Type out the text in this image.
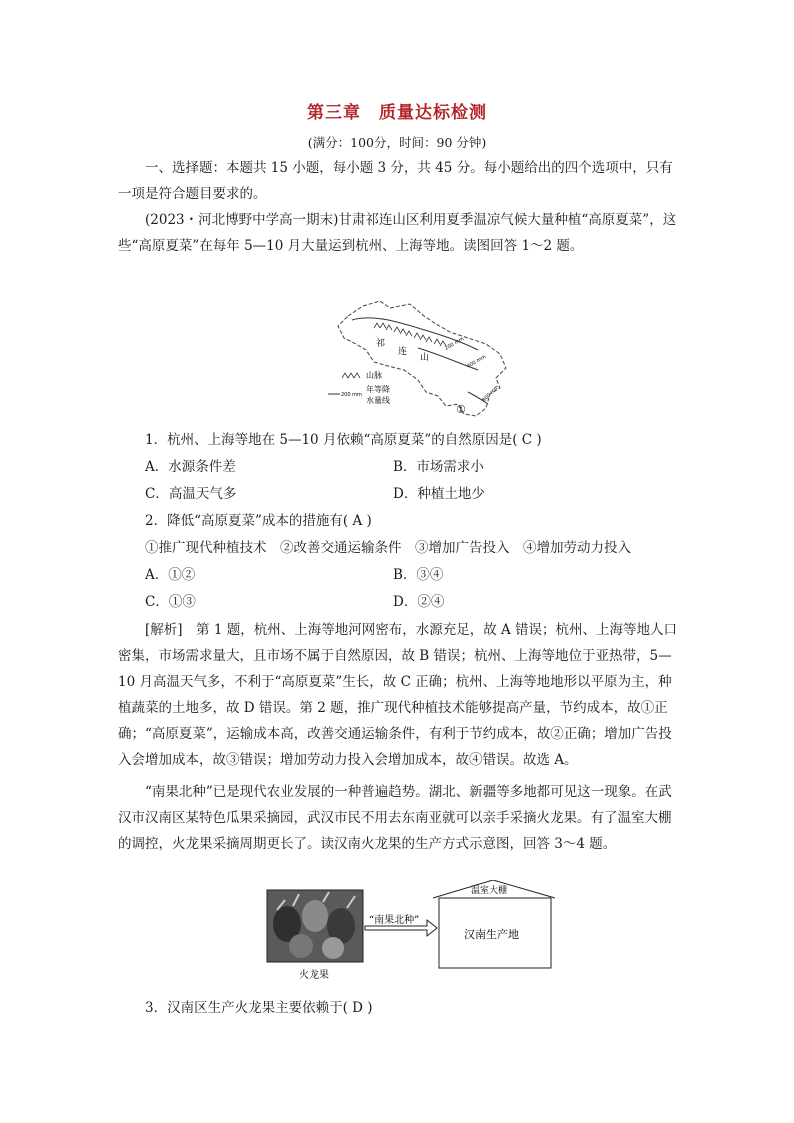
第三章　质量达标检测
(满分：100分，时间：90 分钟)
一、选择题：本题共 15 小题，每小题 3 分，共 45 分。每小题给出的四个选项中，只有一项是符合题目要求的。
(2023・河北博野中学高一期末)甘肃祁连山区利用夏季温凉气候大量种植“高原夏菜”，这些“高原夏菜”在每年 5—10 月大量运到杭州、上海等地。读图回答 1～2 题。
祁
连
山
200 mm
400 mm
800 mm
①
山脉
200 mm
年等降
水量线
1．杭州、上海等地在 5—10 月依赖“高原夏菜”的自然原因是( C )
A．水源条件差	B．市场需求小
C．高温天气多	D．种植土地少
2．降低“高原夏菜”成本的措施有( A )
①推广现代种植技术　②改善交通运输条件　③增加广告投入　④增加劳动力投入
A．①②	B．③④
C．①③	D．②④
[解析]　第 1 题，杭州、上海等地河网密布，水源充足，故 A 错误；杭州、上海等地人口密集，市场需求量大，且市场不属于自然原因，故 B 错误；杭州、上海等地位于亚热带，5—10 月高温天气多，不利于“高原夏菜”生长，故 C 正确；杭州、上海等地地形以平原为主，种植蔬菜的土地多，故 D 错误。第 2 题，推广现代种植技术能够提高产量，节约成本，故①正确；“高原夏菜”，运输成本高，改善交通运输条件，有利于节约成本，故②正确；增加广告投入会增加成本，故③错误；增加劳动力投入会增加成本，故④错误。故选 A。
“南果北种”已是现代农业发展的一种普遍趋势。湖北、新疆等多地都可见这一现象。在武汉市汉南区某特色瓜果采摘园，武汉市民不用去东南亚就可以亲手采摘火龙果。有了温室大棚的调控，火龙果采摘周期更长了。读汉南火龙果的生产方式示意图，回答 3～4 题。
火龙果
“南果北种”
温室大棚
汉南生产地
3．汉南区生产火龙果主要依赖于( D )
